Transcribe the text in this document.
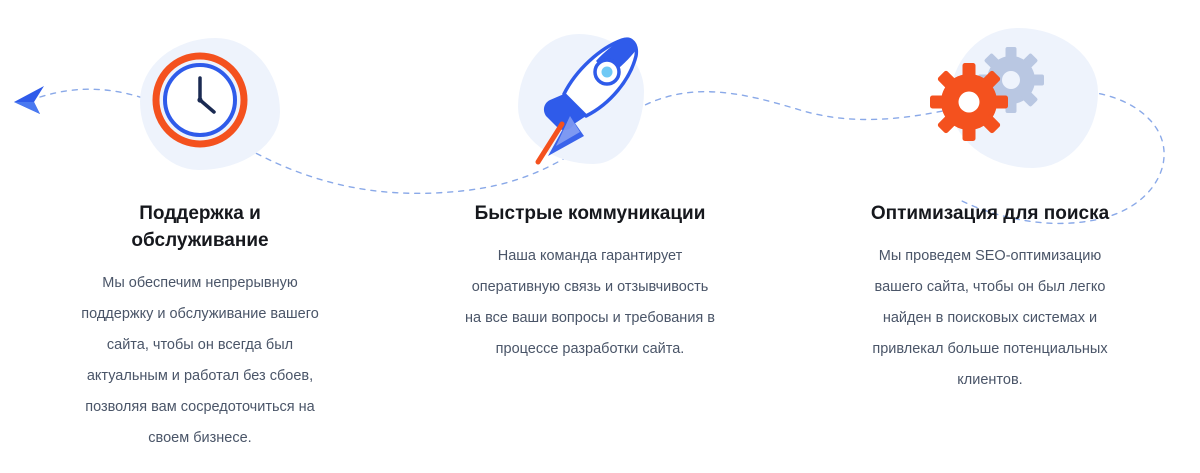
Поддержка и обслуживание

Мы обеспечим непрерывную поддержку и обслуживание вашего сайта, чтобы он всегда был актуальным и работал без сбоев, позволяя вам сосредоточиться на своем бизнесе.

Быстрые коммуникации

Наша команда гарантирует оперативную связь и отзывчивость на все ваши вопросы и требования в процессе разработки сайта.

Оптимизация для поиска

Мы проведем SEO-оптимизацию вашего сайта, чтобы он был легко найден в поисковых системах и привлекал больше потенциальных клиентов.
